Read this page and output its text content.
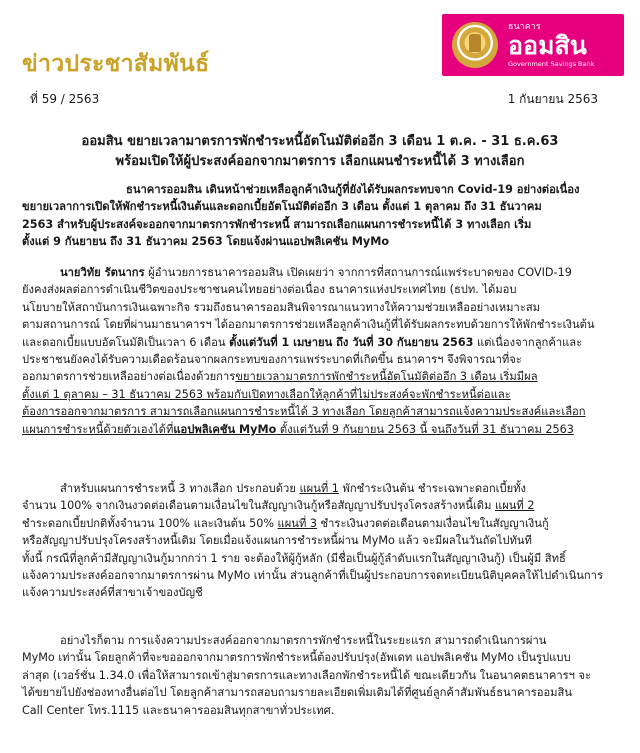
ข่าวประชาสัมพันธ์
ธนาคาร
ออมสิน
Government Savings Bank
ที่ 59 / 2563	1 กันยายน 2563
ออมสิน ขยายเวลามาตรการพักชำระหนี้อัตโนมัติต่ออีก 3 เดือน 1 ต.ค. - 31 ธ.ค.63
พร้อมเปิดให้ผู้ประสงค์ออกจากมาตรการ เลือกแผนชำระหนี้ได้ 3 ทางเลือก
ธนาคารออมสิน เดินหน้าช่วยเหลือลูกค้าเงินกู้ที่ยังได้รับผลกระทบจาก Covid-19 อย่างต่อเนื่อง
ขยายเวลาการเปิดให้พักชำระหนี้เงินต้นและดอกเบี้ยอัตโนมัติต่ออีก 3 เดือน ตั้งแต่ 1 ตุลาคม ถึง 31 ธันวาคม
2563 สำหรับผู้ประสงค์จะออกจากมาตรการพักชำระหนี้ สามารถเลือกแผนการชำระหนี้ได้ 3 ทางเลือก เริ่ม
ตั้งแต่ 9 กันยายน ถึง 31 ธันวาคม 2563 โดยแจ้งผ่านแอปพลิเคชัน MyMo
นายวิทัย รัตนากร ผู้อำนวยการธนาคารออมสิน เปิดเผยว่า จากการที่สถานการณ์แพร่ระบาดของ COVID-19
ยังคงส่งผลต่อการดำเนินชีวิตของประชาชนคนไทยอย่างต่อเนื่อง ธนาคารแห่งประเทศไทย (ธปท. ได้มอบ
นโยบายให้สถาบันการเงินเฉพาะกิจ รวมถึงธนาคารออมสินพิจารณาแนวทางให้ความช่วยเหลืออย่างเหมาะสม
ตามสถานการณ์ โดยที่ผ่านมาธนาคารฯ ได้ออกมาตรการช่วยเหลือลูกค้าเงินกู้ที่ได้รับผลกระทบด้วยการให้พักชำระเงินต้น
และดอกเบี้ยแบบอัตโนมัติเป็นเวลา 6 เดือน ตั้งแต่วันที่ 1 เมษายน ถึง วันที่ 30 กันยายน 2563 แต่เนื่องจากลูกค้าและ
ประชาชนยังคงได้รับความเดือดร้อนจากผลกระทบของการแพร่ระบาดที่เกิดขึ้น ธนาคารฯ จึงพิจารณาที่จะ
ออกมาตรการช่วยเหลืออย่างต่อเนื่องด้วยการขยายเวลามาตรการพักชำระหนี้อัตโนมัติต่ออีก 3 เดือน เริ่มมีผล
ตั้งแต่ 1 ตุลาคม – 31 ธันวาคม 2563 พร้อมกับเปิดทางเลือกให้ลูกค้าที่ไม่ประสงค์จะพักชำระหนี้ต่อและ
ต้องการออกจากมาตรการ สามารถเลือกแผนการชำระหนี้ได้ 3 ทางเลือก โดยลูกค้าสามารถแจ้งความประสงค์และเลือก
แผนการชำระหนี้ด้วยตัวเองได้ที่แอปพลิเคชัน MyMo ตั้งแต่วันที่ 9 กันยายน 2563 นี้ จนถึงวันที่ 31 ธันวาคม 2563
สำหรับแผนการชำระหนี้ 3 ทางเลือก ประกอบด้วย แผนที่ 1 พักชำระเงินต้น ชำระเฉพาะดอกเบี้ยทั้ง
จำนวน 100% จากเงินงวดต่อเดือนตามเงื่อนไขในสัญญาเงินกู้หรือสัญญาปรับปรุงโครงสร้างหนี้เดิม แผนที่ 2
ชำระดอกเบี้ยปกติทั้งจำนวน 100% และเงินต้น 50% แผนที่ 3 ชำระเงินงวดต่อเดือนตามเงื่อนไขในสัญญาเงินกู้
หรือสัญญาปรับปรุงโครงสร้างหนี้เดิม โดยเมื่อแจ้งแผนการชำระหนี้ผ่าน MyMo แล้ว จะมีผลในวันถัดไปทันที
ทั้งนี้ กรณีที่ลูกค้ามีสัญญาเงินกู้มากกว่า 1 ราย จะต้องให้ผู้กู้หลัก (มีชื่อเป็นผู้กู้ลำดับแรกในสัญญาเงินกู้) เป็นผู้มี สิทธิ์
แจ้งความประสงค์ออกจากมาตรการผ่าน MyMo เท่านั้น ส่วนลูกค้าที่เป็นผู้ประกอบการจดทะเบียนนิติบุคคลให้ไปดำเนินการ
แจ้งความประสงค์ที่สาขาเจ้าของบัญชี
อย่างไรก็ตาม การแจ้งความประสงค์ออกจากมาตรการพักชำระหนี้ในระยะแรก สามารถดำเนินการผ่าน
MyMo เท่านั้น โดยลูกค้าที่จะขอออกจากมาตรการพักชำระหนี้ต้องปรับปรุง(อัพเดท แอปพลิเคชัน MyMo เป็นรูปแบบ
ล่าสุด (เวอร์ชั่น 1.34.0 เพื่อให้สามารถเข้าสู่มาตรการและทางเลือกพักชำระหนี้ได้ ขณะเดียวกัน ในอนาคตธนาคารฯ จะ
ได้ขยายไปยังช่องทางอื่นต่อไป โดยลูกค้าสามารถสอบถามรายละเอียดเพิ่มเติมได้ที่ศูนย์ลูกค้าสัมพันธ์ธนาคารออมสิน
Call Center โทร.1115 และธนาคารออมสินทุกสาขาทั่วประเทศ.
